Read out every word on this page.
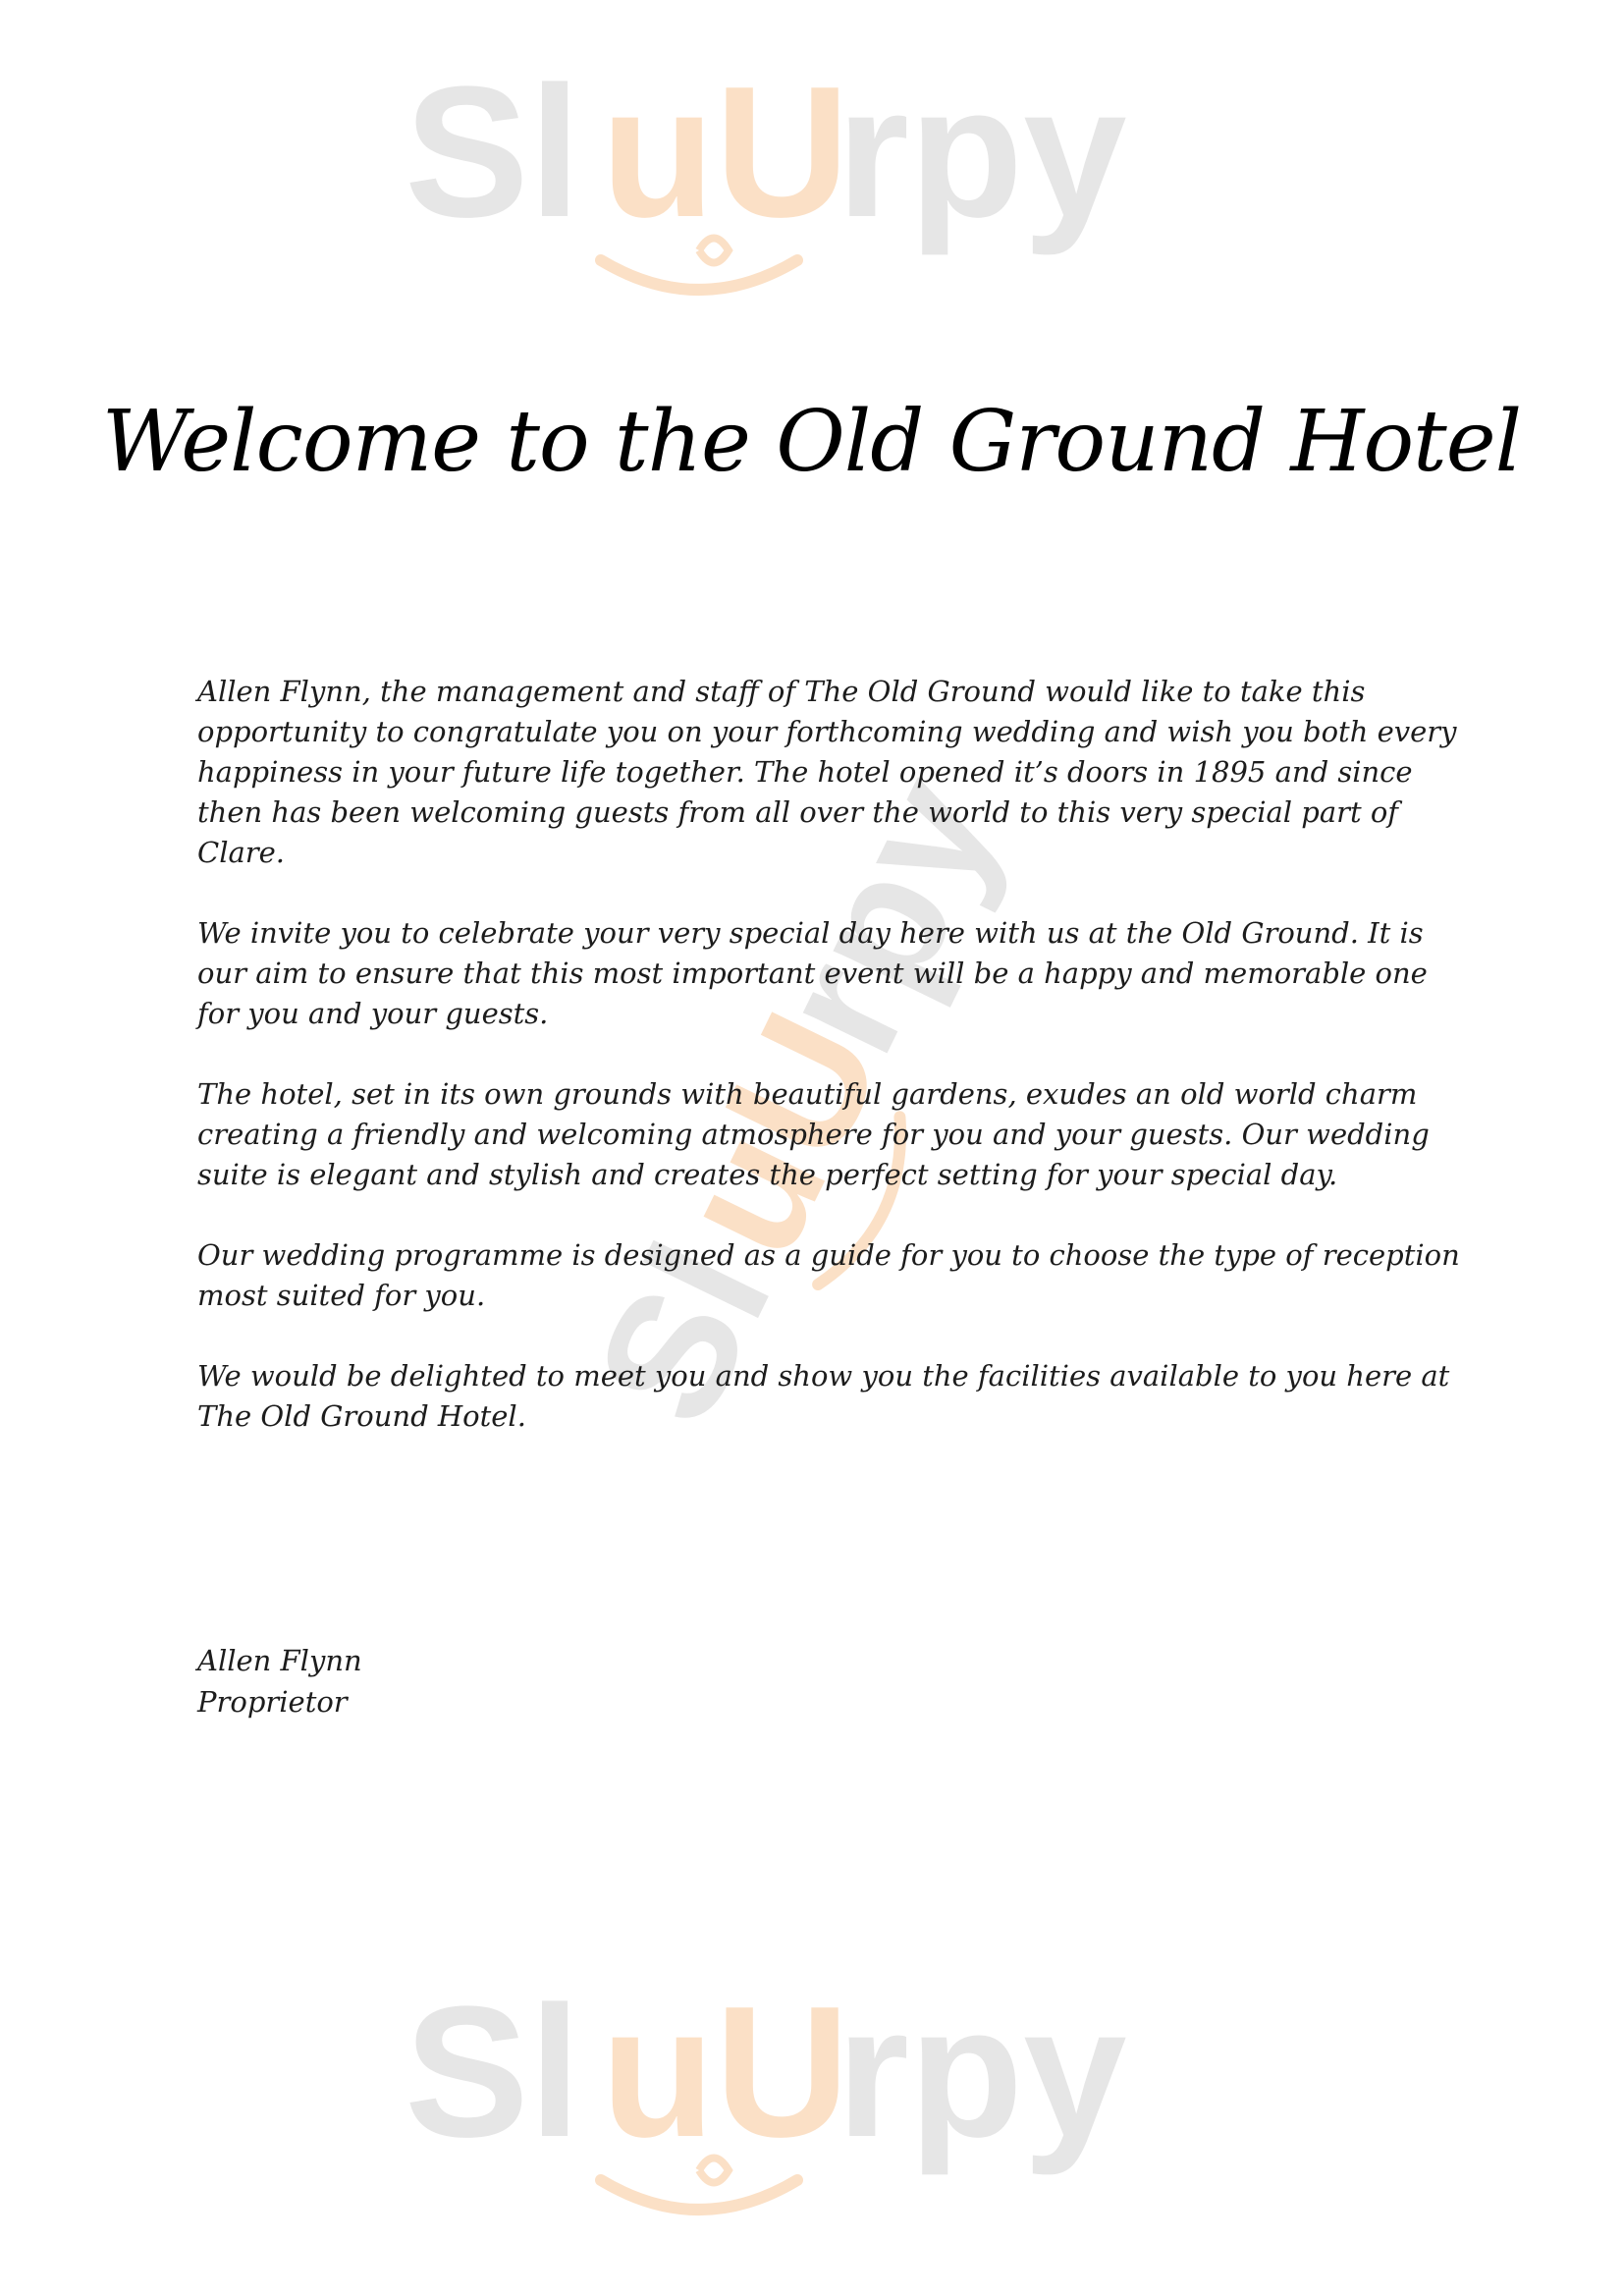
Sl uU
rpy
Sl
uU
rpy
Sl uU
rpy
Welcome to the Old Ground Hotel

Allen Flynn, the management and staff of The Old Ground would like to take this opportunity to congratulate you on your forthcoming wedding and wish you both every happiness in your future life together. The hotel opened it’s doors in 1895 and since then has been welcoming guests from all over the world to this very special part of Clare.

We invite you to celebrate your very special day here with us at the Old Ground. It is our aim to ensure that this most important event will be a happy and memorable one for you and your guests.

The hotel, set in its own grounds with beautiful gardens, exudes an old world charm creating a friendly and welcoming atmosphere for you and your guests. Our wedding suite is elegant and stylish and creates the perfect setting for your special day.

Our wedding programme is designed as a guide for you to choose the type of reception most suited for you.

We would be delighted to meet you and show you the facilities available to you here at The Old Ground Hotel.

Allen Flynn
Proprietor
